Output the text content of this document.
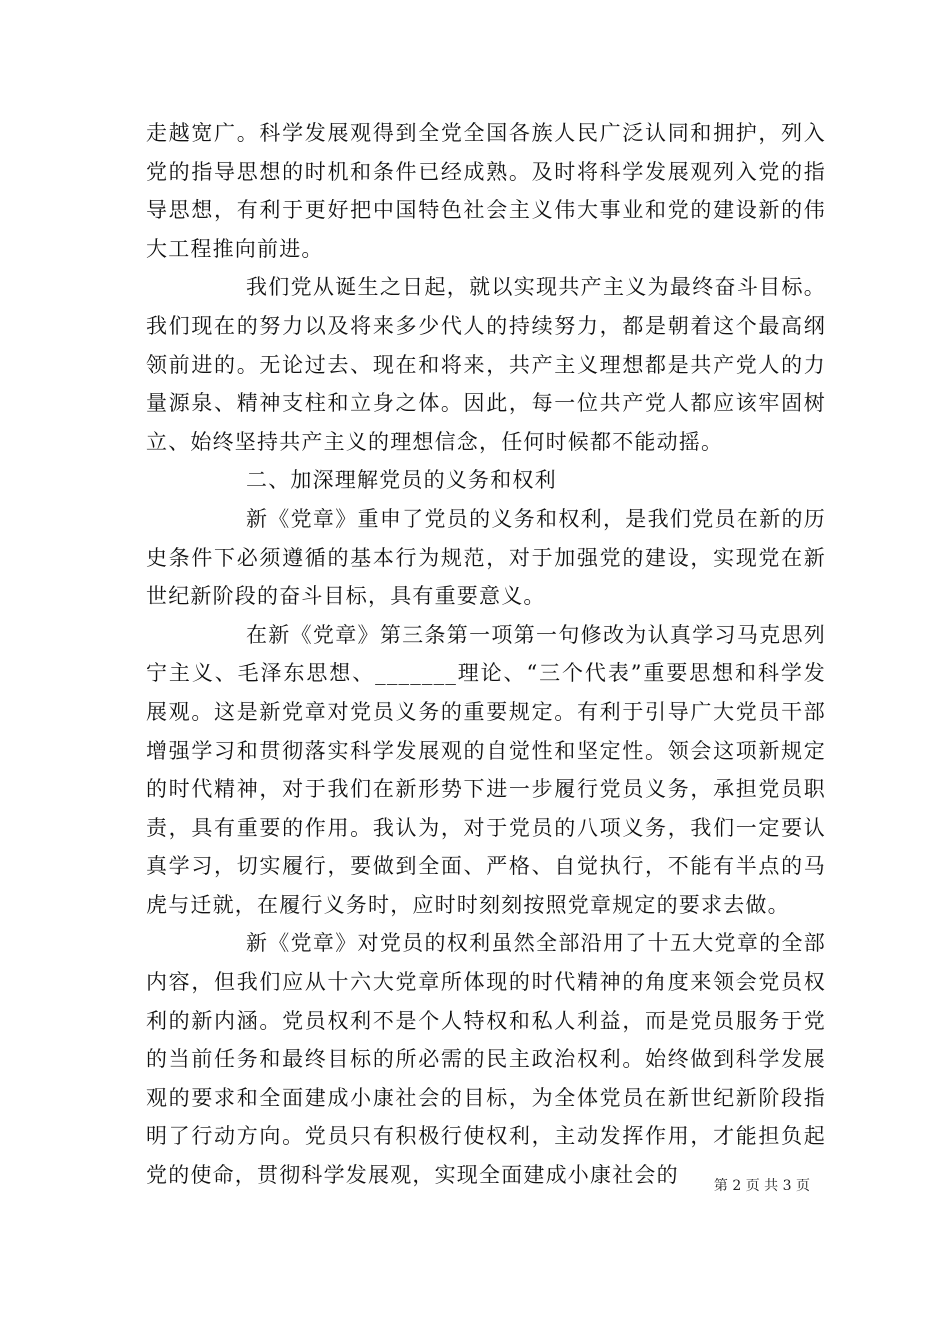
走越宽广。科学发展观得到全党全国各族人民广泛认同和拥护，列入党的指导思想的时机和条件已经成熟。及时将科学发展观列入党的指导思想，有利于更好把中国特色社会主义伟大事业和党的建设新的伟大工程推向前进。

我们党从诞生之日起，就以实现共产主义为最终奋斗目标。我们现在的努力以及将来多少代人的持续努力，都是朝着这个最高纲领前进的。无论过去、现在和将来，共产主义理想都是共产党人的力量源泉、精神支柱和立身之体。因此，每一位共产党人都应该牢固树立、始终坚持共产主义的理想信念，任何时候都不能动摇。

二、加深理解党员的义务和权利

新《党章》重申了党员的义务和权利，是我们党员在新的历史条件下必须遵循的基本行为规范，对于加强党的建设，实现党在新世纪新阶段的奋斗目标，具有重要意义。

在新《党章》第三条第一项第一句修改为认真学习马克思列宁主义、毛泽东思想、_______理论、“三个代表”重要思想和科学发展观。这是新党章对党员义务的重要规定。有利于引导广大党员干部增强学习和贯彻落实科学发展观的自觉性和坚定性。领会这项新规定的时代精神，对于我们在新形势下进一步履行党员义务，承担党员职责，具有重要的作用。我认为，对于党员的八项义务，我们一定要认真学习，切实履行，要做到全面、严格、自觉执行，不能有半点的马虎与迁就，在履行义务时，应时时刻刻按照党章规定的要求去做。

新《党章》对党员的权利虽然全部沿用了十五大党章的全部内容，但我们应从十六大党章所体现的时代精神的角度来领会党员权利的新内涵。党员权利不是个人特权和私人利益，而是党员服务于党的当前任务和最终目标的所必需的民主政治权利。始终做到科学发展观的要求和全面建成小康社会的目标，为全体党员在新世纪新阶段指明了行动方向。党员只有积极行使权利，主动发挥作用，才能担负起党的使命，贯彻科学发展观，实现全面建成小康社会的	第 2 页 共 3 页
